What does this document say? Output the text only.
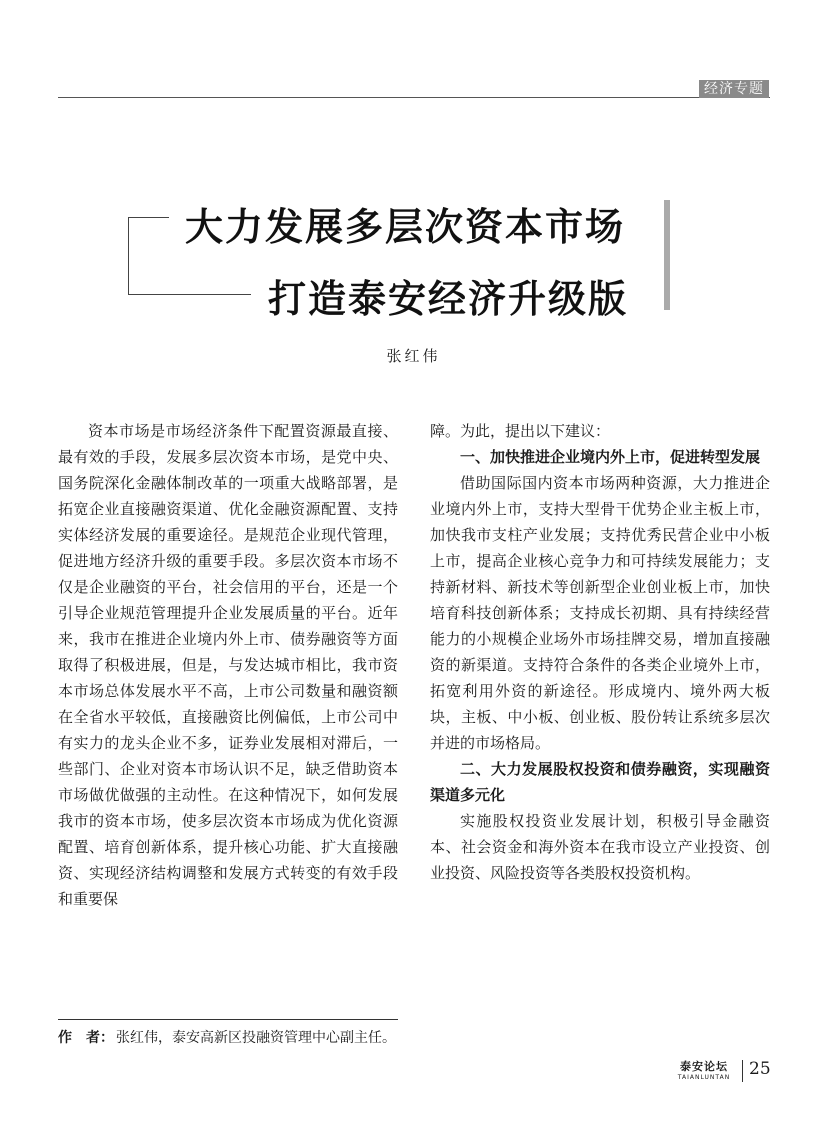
经济专题
大力发展多层次资本市场
打造泰安经济升级版
张红伟

资本市场是市场经济条件下配置资源最直接、最有效的手段，发展多层次资本市场，是党中央、国务院深化金融体制改革的一项重大战略部署，是拓宽企业直接融资渠道、优化金融资源配置、支持实体经济发展的重要途径。是规范企业现代管理，促进地方经济升级的重要手段。多层次资本市场不仅是企业融资的平台，社会信用的平台，还是一个引导企业规范管理提升企业发展质量的平台。近年来，我市在推进企业境内外上市、债券融资等方面取得了积极进展，但是，与发达城市相比，我市资本市场总体发展水平不高，上市公司数量和融资额在全省水平较低，直接融资比例偏低，上市公司中有实力的龙头企业不多，证券业发展相对滞后，一些部门、企业对资本市场认识不足，缺乏借助资本市场做优做强的主动性。在这种情况下，如何发展我市的资本市场，使多层次资本市场成为优化资源配置、培育创新体系，提升核心功能、扩大直接融资、实现经济结构调整和发展方式转变的有效手段和重要保

障。为此，提出以下建议：

一、加快推进企业境内外上市，促进转型发展

借助国际国内资本市场两种资源，大力推进企业境内外上市，支持大型骨干优势企业主板上市，加快我市支柱产业发展；支持优秀民营企业中小板上市，提高企业核心竞争力和可持续发展能力；支持新材料、新技术等创新型企业创业板上市，加快培育科技创新体系；支持成长初期、具有持续经营能力的小规模企业场外市场挂牌交易，增加直接融资的新渠道。支持符合条件的各类企业境外上市，拓宽利用外资的新途径。形成境内、境外两大板块，主板、中小板、创业板、股份转让系统多层次并进的市场格局。

二、大力发展股权投资和债券融资，实现融资渠道多元化

实施股权投资业发展计划，积极引导金融资本、社会资金和海外资本在我市设立产业投资、创业投资、风险投资等各类股权投资机构。

作　者： 张红伟，泰安高新区投融资管理中心副主任。
泰安论坛
TAIANLUNTAN	25
